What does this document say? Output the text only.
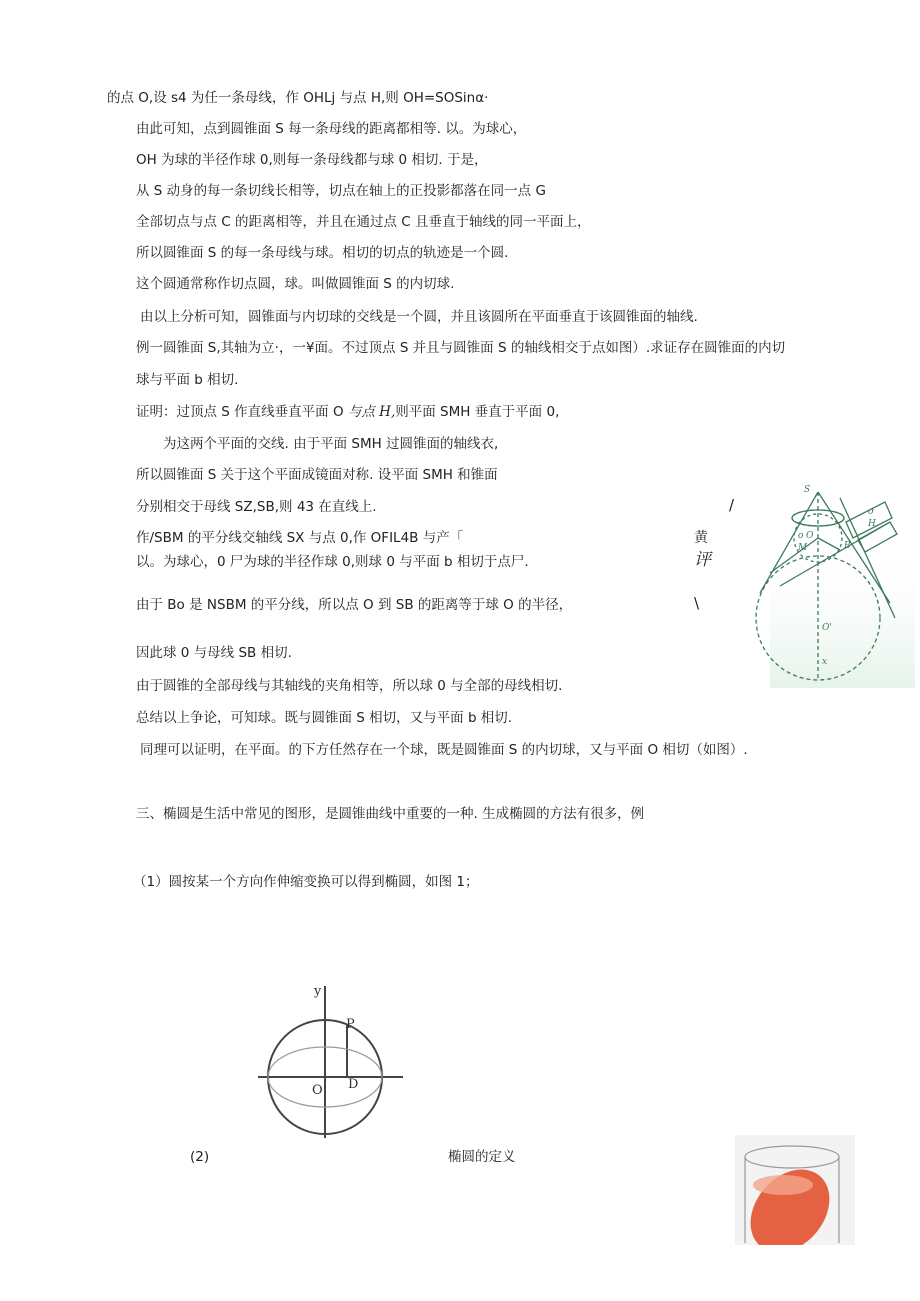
的点 O,设 s4 为任一条母线，作 OHLj 与点 H,则 OH=SOSinα·
由此可知，点到圆锥面 S 每一条母线的距离都相等. 以。为球心，
OH 为球的半径作球 0,则每一条母线都与球 0 相切. 于是，
从 S 动身的每一条切线长相等，切点在轴上的正投影都落在同一点 G
全部切点与点 C 的距离相等，并且在通过点 C 且垂直于轴线的同一平面上，
所以圆锥面 S 的每一条母线与球。相切的切点的轨迹是一个圆.
这个圆通常称作切点圆，球。叫做圆锥面 S 的内切球.
由以上分析可知，圆锥面与内切球的交线是一个圆，并且该圆所在平面垂直于该圆锥面的轴线.
例一圆锥面 S,其轴为立·，一¥面。不过顶点 S 并且与圆锥面 S 的轴线相交于点如图）.求证存在圆锥面的内切
球与平面 b 相切.
证明：过顶点 S 作直线垂直平面 O 与点 H,则平面 SMH 垂直于平面 0,
为这两个平面的交线. 由于平面 SMH 过圆锥面的轴线衣,
所以圆锥面 S 关于这个平面成镜面对称. 设平面 SMH 和锥面
分别相交于母线 SZ,SB,则 43 在直线上.
作/SBM 的平分线交轴线 SX 与点 0,作 OFIL4B 与产「
以。为球心，0 尸为球的半径作球 0,则球 0 与平面 b 相切于点尸.
由于 Bo 是 NSBM 的平分线，所以点 O 到 SB 的距离等于球 O 的半径，
因此球 0 与母线 SB 相切.
由于圆锥的全部母线与其轴线的夹角相等，所以球 0 与全部的母线相切.
总结以上争论，可知球。既与圆锥面 S 相切，又与平面 b 相切.
同理可以证明，在平面。的下方任然存在一个球，既是圆锥面 S 的内切球，又与平面 O 相切（如图）.
三、椭圆是生活中常见的图形，是圆锥曲线中重要的一种. 生成椭圆的方法有很多，例
（1）圆按某一个方向作伸缩变换可以得到椭圆，如图 1；
(2)	椭圆的定义
/
黄
评
\
S
o O
M
H
B
O'
x
σ
y
P
O D
